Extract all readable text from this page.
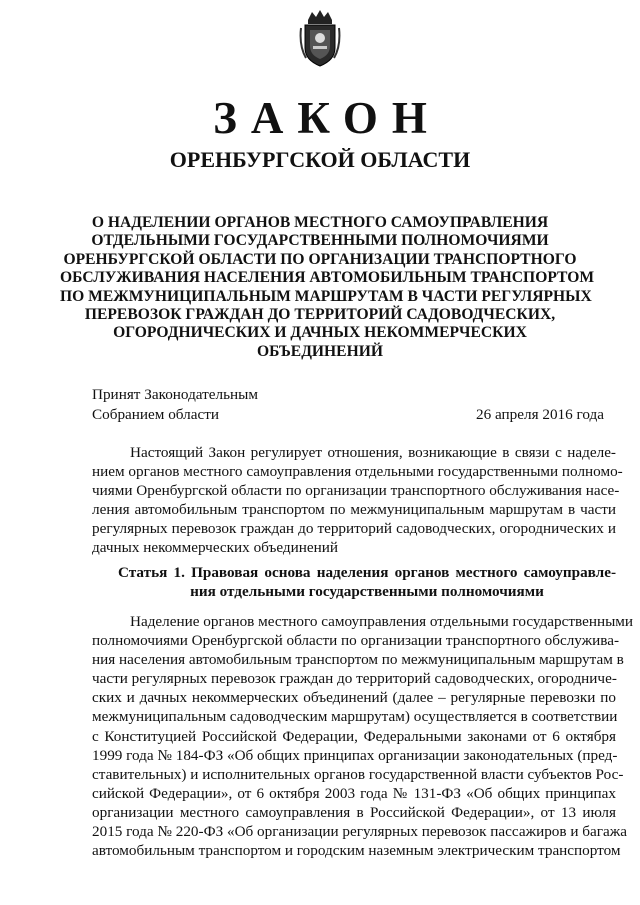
ЗАКОН
ОРЕНБУРГСКОЙ ОБЛАСТИ
О НАДЕЛЕНИИ ОРГАНОВ МЕСТНОГО САМОУПРАВЛЕНИЯ
ОТДЕЛЬНЫМИ ГОСУДАРСТВЕННЫМИ ПОЛНОМОЧИЯМИ
ОРЕНБУРГСКОЙ ОБЛАСТИ ПО ОРГАНИЗАЦИИ ТРАНСПОРТНОГО
ОБСЛУЖИВАНИЯ НАСЕЛЕНИЯ АВТОМОБИЛЬНЫМ ТРАНСПОРТОМ
ПО МЕЖМУНИЦИПАЛЬНЫМ МАРШРУТАМ В ЧАСТИ РЕГУЛЯРНЫХ
ПЕРЕВОЗОК ГРАЖДАН ДО ТЕРРИТОРИЙ САДОВОДЧЕСКИХ,
ОГОРОДНИЧЕСКИХ И ДАЧНЫХ НЕКОММЕРЧЕСКИХ
ОБЪЕДИНЕНИЙ
Принят Законодательным
Собранием области	26 апреля 2016 года
Настоящий Закон регулирует отношения, возникающие в связи с наделе-
нием органов местного самоуправления отдельными государственными полномо-
чиями Оренбургской области по организации транспортного обслуживания насе-
ления автомобильным транспортом по межмуниципальным маршрутам в части
регулярных перевозок граждан до территорий садоводческих, огороднических и
дачных некоммерческих объединений
Статья 1. Правовая основа наделения органов местного самоуправле-
ния отдельными государственными полномочиями
Наделение органов местного самоуправления отдельными государственными
полномочиями Оренбургской области по организации транспортного обслужива-
ния населения автомобильным транспортом по межмуниципальным маршрутам в
части регулярных перевозок граждан до территорий садоводческих, огородниче-
ских и дачных некоммерческих объединений (далее – регулярные перевозки по
межмуниципальным садоводческим маршрутам) осуществляется в соответствии
с Конституцией Российской Федерации, Федеральными законами от 6 октября
1999 года № 184-ФЗ «Об общих принципах организации законодательных (пред-
ставительных) и исполнительных органов государственной власти субъектов Рос-
сийской Федерации», от 6 октября 2003 года № 131-ФЗ «Об общих принципах
организации местного самоуправления в Российской Федерации», от 13 июля
2015 года № 220-ФЗ «Об организации регулярных перевозок пассажиров и багажа
автомобильным транспортом и городским наземным электрическим транспортом
